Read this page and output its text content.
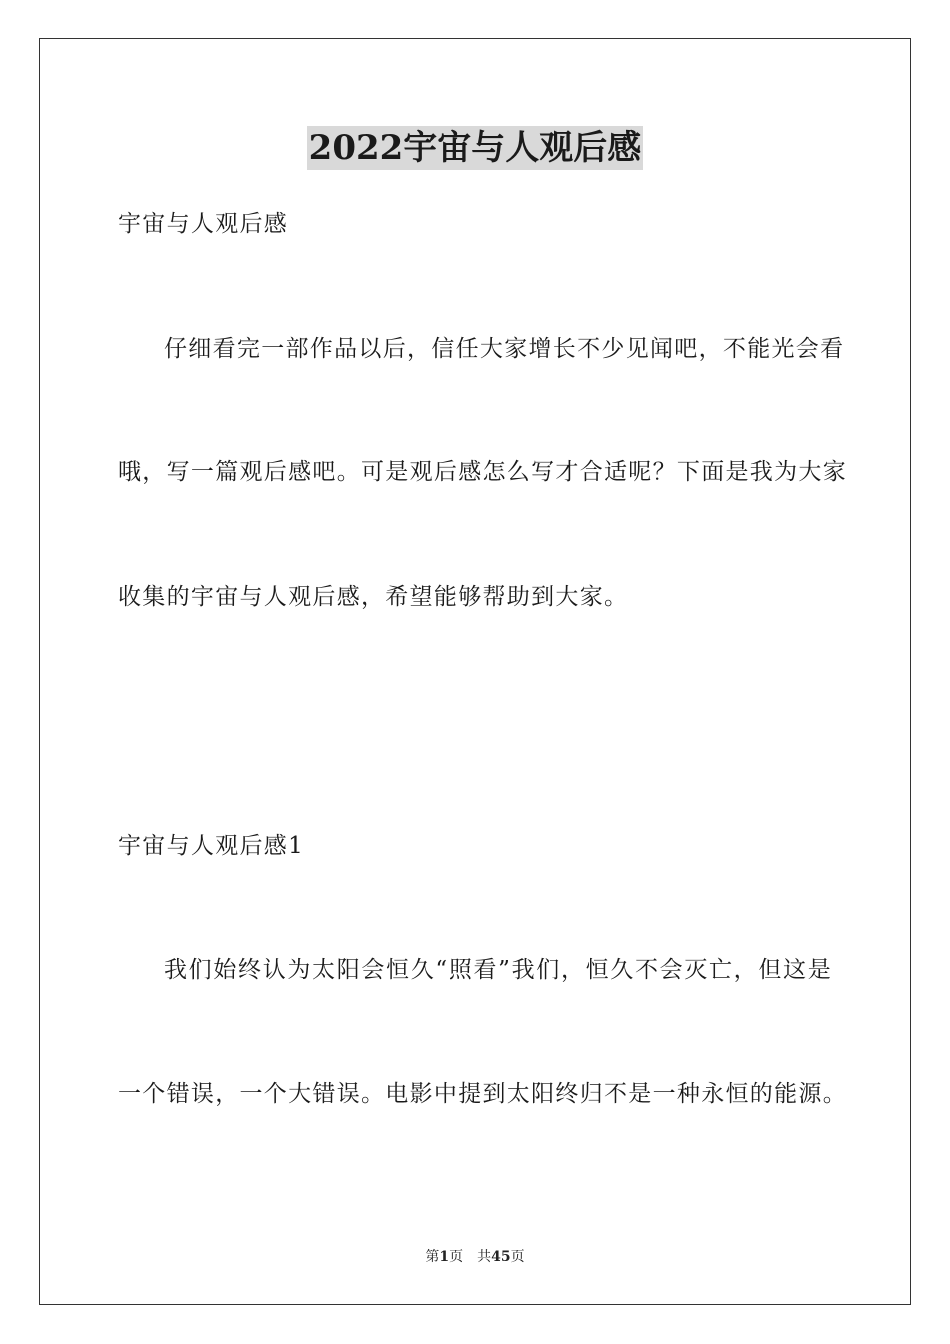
2022宇宙与人观后感
宇宙与人观后感
仔细看完一部作品以后，信任大家增长不少见闻吧，不能光会看
哦，写一篇观后感吧。可是观后感怎么写才合适呢？下面是我为大家
收集的宇宙与人观后感，希望能够帮助到大家。
宇宙与人观后感1
我们始终认为太阳会恒久“照看”我们，恒久不会灭亡，但这是
一个错误，一个大错误。电影中提到太阳终归不是一种永恒的能源。
第1页 共45页
